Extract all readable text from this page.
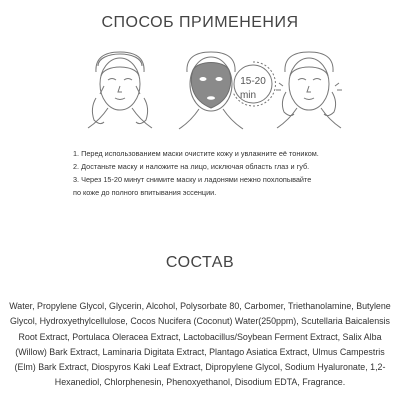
СПОСОБ ПРИМЕНЕНИЯ
15-20
min
1. Перед использованием маски очистите кожу и увлажните её тоником.
2. Достаньте маску и наложите на лицо, исключая область глаз и губ.
3. Через 15-20 минут снимите маску и ладонями нежно похлопывайте
по коже до полного впитывания эссенции.
СОСТАВ
Water, Propylene Glycol, Glycerin, Alcohol, Polysorbate 80, Carbomer, Triethanolamine, Butylene Glycol, Hydroxyethylcellulose, Cocos Nucifera (Coconut) Water(250ppm), Scutellaria Baicalensis Root Extract, Portulaca Oleracea Extract, Lactobacillus/Soybean Ferment Extract, Salix Alba (Willow) Bark Extract, Laminaria Digitata Extract, Plantago Asiatica Extract, Ulmus Campestris (Elm) Bark Extract, Diospyros Kaki Leaf Extract, Dipropylene Glycol, Sodium Hyaluronate, 1,2-Hexanediol, Chlorphenesin, Phenoxyethanol, Disodium EDTA, Fragrance.
